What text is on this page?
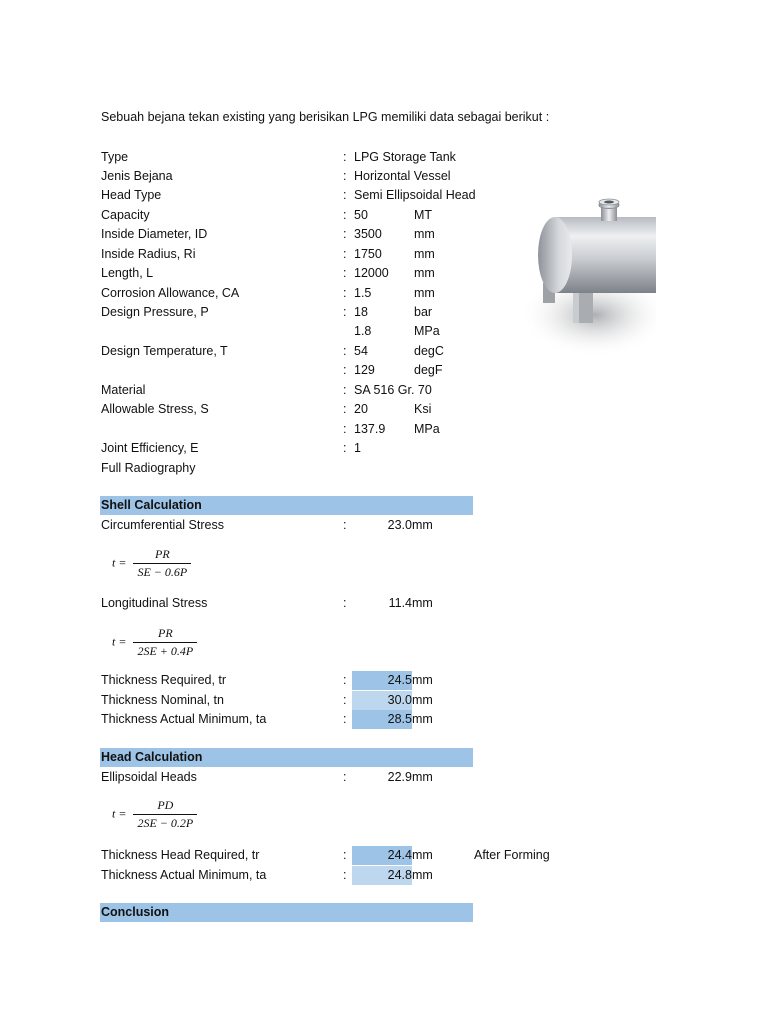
Sebuah bejana tekan existing yang berisikan LPG memiliki data sebagai berikut :
Type	: LPG Storage Tank
Jenis Bejana	: Horizontal Vessel
Head Type	: Semi Ellipsoidal Head
Capacity	: 50	MT
Inside Diameter, ID	: 3500	mm
Inside Radius, Ri	: 1750	mm
Length, L	: 12000 mm
Corrosion Allowance, CA	: 1.5	mm
Design Pressure, P	: 18	bar
1.8	MPa
Design Temperature, T	: 54	degC
: 129	degF
Material	: SA 516 Gr. 70
Allowable Stress, S	: 20	Ksi
: 137.9 MPa
Joint Efficiency, E	: 1
Full Radiography
Shell Calculation
Circumferential Stress	:	23.0 mm
$t = \frac{PR}{SE - 0.6P}$
Longitudinal Stress	:	11.4 mm
$t = \frac{PR}{2SE + 0.4P}$
Thickness Required, tr	:	24.5 mm
Thickness Nominal, tn	:	30.0 mm
Thickness Actual Minimum, ta	:	28.5 mm
Head Calculation
Ellipsoidal Heads	:	22.9 mm
$t = \frac{PD}{2SE - 0.2P}$
Thickness Head Required, tr	:	24.4 mm	After Forming
Thickness Actual Minimum, ta	:	24.8 mm
Conclusion
